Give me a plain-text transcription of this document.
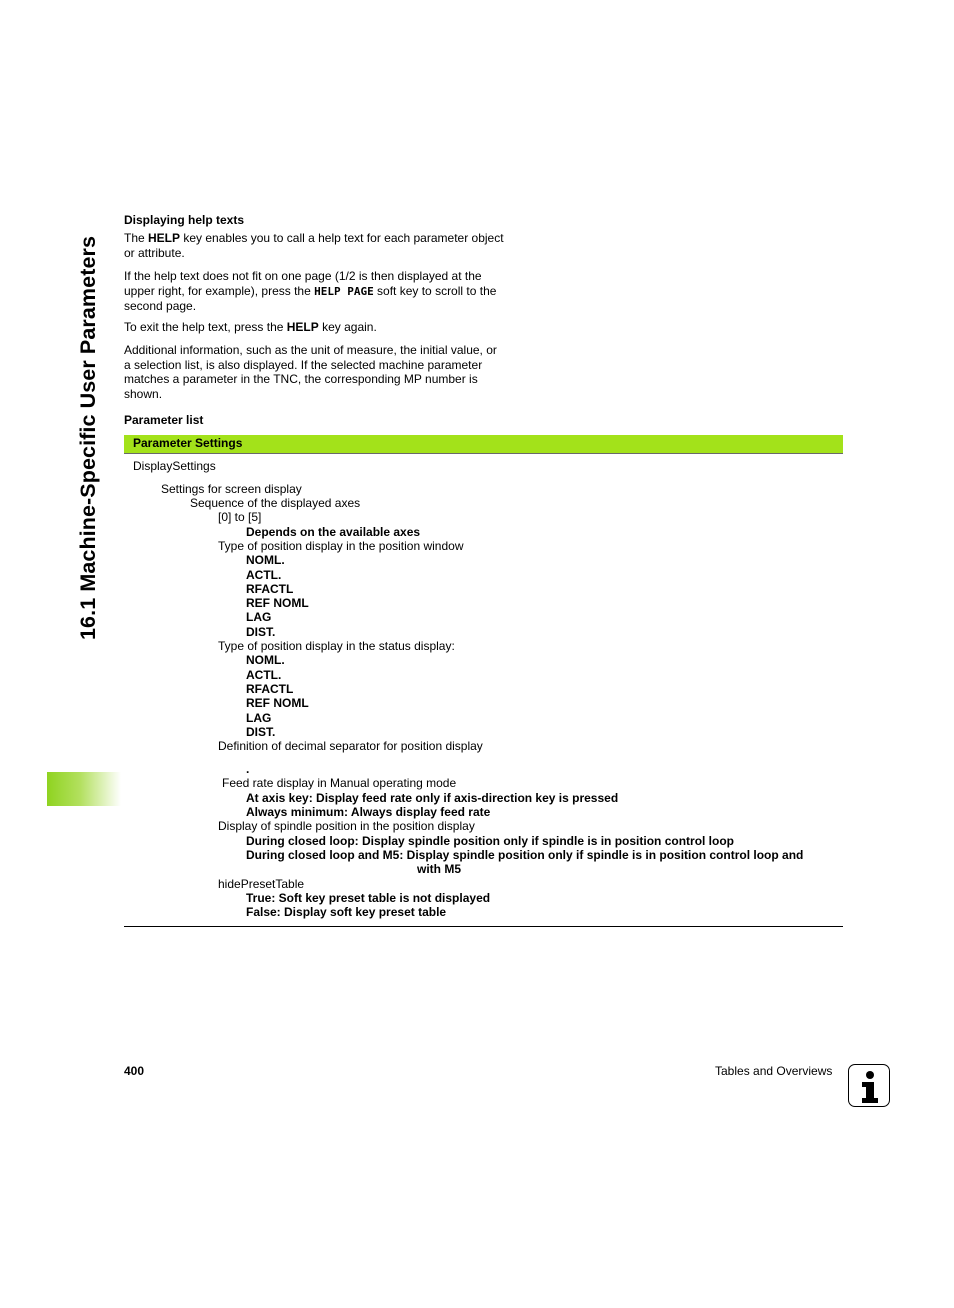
16.1 Machine-Specific User Parameters
Displaying help texts
The HELP key enables you to call a help text for each parameter object
or attribute.
If the help text does not fit on one page (1/2 is then displayed at the
upper right, for example), press the HELP PAGE soft key to scroll to the
second page.
To exit the help text, press the HELP key again.
Additional information, such as the unit of measure, the initial value, or
a selection list, is also displayed. If the selected machine parameter
matches a parameter in the TNC, the corresponding MP number is
shown.
Parameter list
Parameter Settings
DisplaySettings
Settings for screen display
Sequence of the displayed axes
[0] to [5]
Depends on the available axes
Type of position display in the position window
NOML.
ACTL.
RFACTL
REF NOML
LAG
DIST.
Type of position display in the status display:
NOML.
ACTL.
RFACTL
REF NOML
LAG
DIST.
Definition of decimal separator for position display
.
Feed rate display in Manual operating mode
At axis key: Display feed rate only if axis-direction key is pressed
Always minimum: Always display feed rate
Display of spindle position in the position display
During closed loop: Display spindle position only if spindle is in position control loop
During closed loop and M5: Display spindle position only if spindle is in position control loop and
with M5
hidePresetTable
True: Soft key preset table is not displayed
False: Display soft key preset table
400	Tables and Overviews
